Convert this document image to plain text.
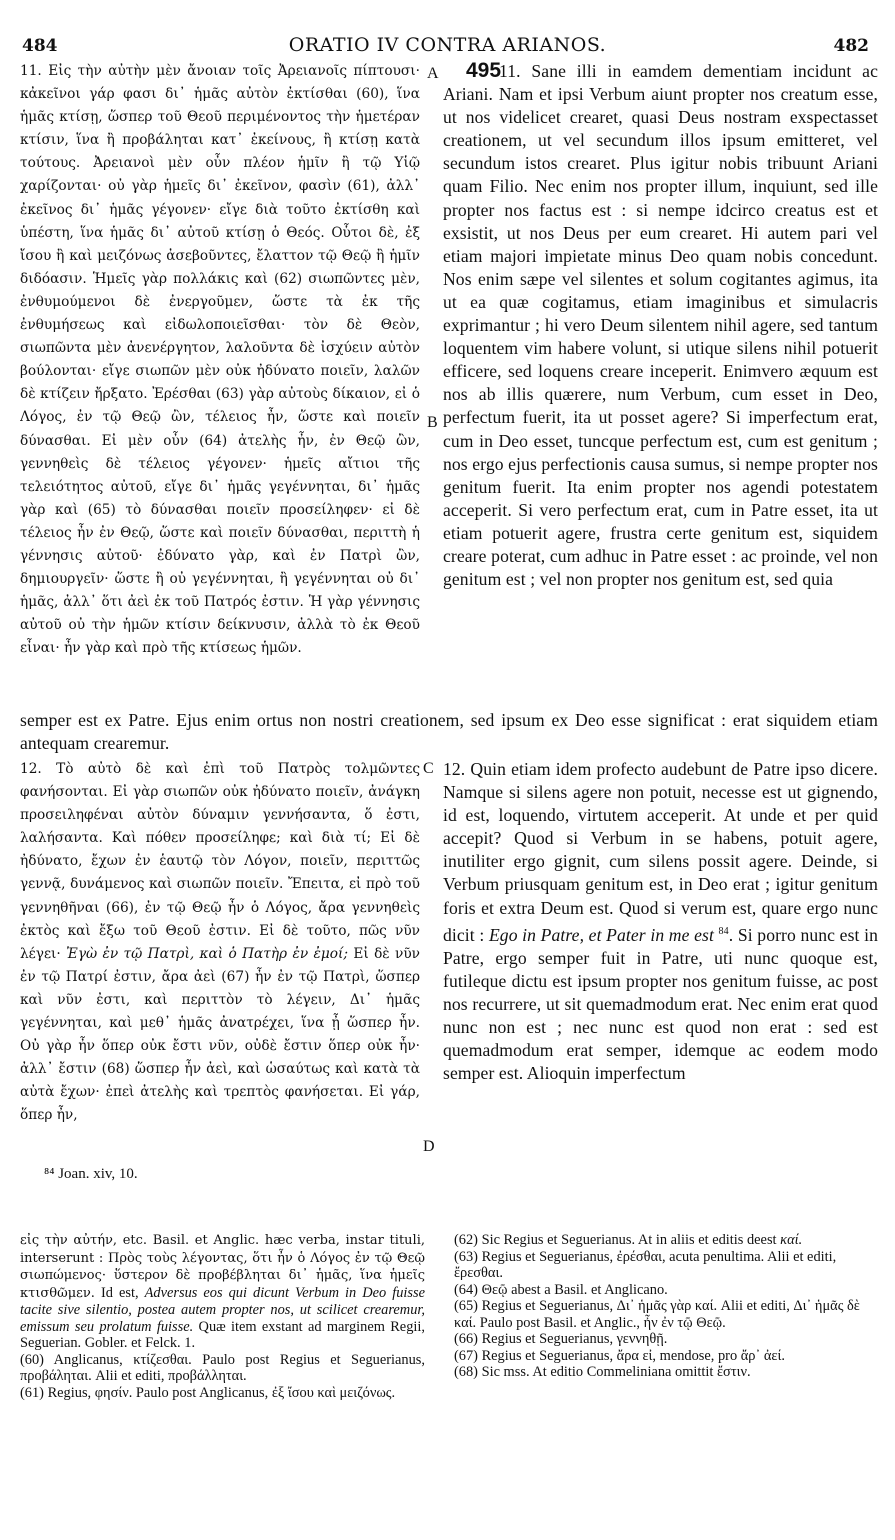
484	ORATIO IV CONTRA ARIANOS.	482
A
B
C
D
495

11. Εἰς τὴν αὐτὴν μὲν ἄνοιαν τοῖς Ἀρειανοῖς πίπτουσι· κἀκεῖνοι γάρ φασι δι᾽ ἡμᾶς αὐτὸν ἐκτίσθαι (60), ἵνα ἡμᾶς κτίσῃ, ὥσπερ τοῦ Θεοῦ περιμένοντος τὴν ἡμετέραν κτίσιν, ἵνα ἢ προβάληται κατ᾽ ἐκείνους, ἢ κτίσῃ κατὰ τούτους. Ἀρειανοὶ μὲν οὖν πλέον ἡμῖν ἢ τῷ Υἱῷ χαρίζονται· οὐ γὰρ ἡμεῖς δι᾽ ἐκεῖνον, φασὶν (61), ἀλλ᾽ ἐκεῖνος δι᾽ ἡμᾶς γέγονεν· εἴγε διὰ τοῦτο ἐκτίσθη καὶ ὑπέστη, ἵνα ἡμᾶς δι᾽ αὐτοῦ κτίσῃ ὁ Θεός. Οὗτοι δὲ, ἐξ ἴσου ἢ καὶ μειζόνως ἀσεβοῦντες, ἔλαττον τῷ Θεῷ ἢ ἡμῖν διδόασιν. Ἡμεῖς γὰρ πολλάκις καὶ (62) σιωπῶντες μὲν, ἐνθυμούμενοι δὲ ἐνεργοῦμεν, ὥστε τὰ ἐκ τῆς ἐνθυμήσεως καὶ εἰδωλοποιεῖσθαι· τὸν δὲ Θεὸν, σιωπῶντα μὲν ἀνενέργητον, λαλοῦντα δὲ ἰσχύειν αὐτὸν βούλονται· εἴγε σιωπῶν μὲν οὐκ ἠδύνατο ποιεῖν, λαλῶν δὲ κτίζειν ἤρξατο. Ἐρέσθαι (63) γὰρ αὐτοὺς δίκαιον, εἰ ὁ Λόγος, ἐν τῷ Θεῷ ὢν, τέλειος ἦν, ὥστε καὶ ποιεῖν δύνασθαι. Εἰ μὲν οὖν (64) ἀτελὴς ἦν, ἐν Θεῷ ὢν, γεννηθεὶς δὲ τέλειος γέγονεν· ἡμεῖς αἴτιοι τῆς τελειότητος αὐτοῦ, εἴγε δι᾽ ἡμᾶς γεγέννηται, δι᾽ ἡμᾶς γὰρ καὶ (65) τὸ δύνασθαι ποιεῖν προσείληφεν· εἰ δὲ τέλειος ἦν ἐν Θεῷ, ὥστε καὶ ποιεῖν δύνασθαι, περιττὴ ἡ γέννησις αὐτοῦ· ἐδύνατο γὰρ, καὶ ἐν Πατρὶ ὢν, δημιουργεῖν· ὥστε ἢ οὐ γεγέννηται, ἢ γεγέννηται οὐ δι᾽ ἡμᾶς, ἀλλ᾽ ὅτι ἀεὶ ἐκ τοῦ Πατρός ἐστιν. Ἡ γὰρ γέννησις αὐτοῦ οὐ τὴν ἡμῶν κτίσιν δείκνυσιν, ἀλλὰ τὸ ἐκ Θεοῦ εἶναι· ἦν γὰρ καὶ πρὸ τῆς κτίσεως ἡμῶν.

11. Sane illi in eamdem dementiam incidunt ac Ariani. Nam et ipsi Verbum aiunt propter nos creatum esse, ut nos videlicet crearet, quasi Deus nostram exspectasset creationem, ut vel secundum illos ipsum emitteret, vel secundum istos crearet. Plus igitur nobis tribuunt Ariani quam Filio. Nec enim nos propter illum, inquiunt, sed ille propter nos factus est : si nempe idcirco creatus est et exsistit, ut nos Deus per eum crearet. Hi autem pari vel etiam majori impietate minus Deo quam nobis concedunt. Nos enim sæpe vel silentes et solum cogitantes agimus, ita ut ea quæ cogitamus, etiam imaginibus et simulacris exprimantur ; hi vero Deum silentem nihil agere, sed tantum loquentem vim habere volunt, si utique silens nihil potuerit efficere, sed loquens creare inceperit. Enimvero æquum est nos ab illis quærere, num Verbum, cum esset in Deo, perfectum fuerit, ita ut posset agere? Si imperfectum erat, cum in Deo esset, tuncque perfectum est, cum est genitum ; nos ergo ejus perfectionis causa sumus, si nempe propter nos genitum fuerit. Ita enim propter nos agendi potestatem acceperit. Si vero perfectum erat, cum in Patre esset, ita ut etiam potuerit agere, frustra certe genitum est, siquidem creare poterat, cum adhuc in Patre esset : ac proinde, vel non genitum est ; vel non propter nos genitum est, sed quia

semper est ex Patre. Ejus enim ortus non nostri creationem, sed ipsum ex Deo esse significat : erat siquidem etiam antequam crearemur.

12. Τὸ αὐτὸ δὲ καὶ ἐπὶ τοῦ Πατρὸς τολμῶντες φανήσονται. Εἰ γὰρ σιωπῶν οὐκ ἠδύνατο ποιεῖν, ἀνάγκη προσειληφέναι αὐτὸν δύναμιν γεννήσαντα, ὅ ἐστι, λαλήσαντα. Καὶ πόθεν προσείληφε; καὶ διὰ τί; Εἰ δὲ ἠδύνατο, ἔχων ἐν ἑαυτῷ τὸν Λόγον, ποιεῖν, περιττῶς γεννᾷ, δυνάμενος καὶ σιωπῶν ποιεῖν. Ἔπειτα, εἰ πρὸ τοῦ γεννηθῆναι (66), ἐν τῷ Θεῷ ἦν ὁ Λόγος, ἄρα γεννηθεὶς ἐκτὸς καὶ ἔξω τοῦ Θεοῦ ἐστιν. Εἰ δὲ τοῦτο, πῶς νῦν λέγει· Ἐγὼ ἐν τῷ Πατρὶ, καὶ ὁ Πατὴρ ἐν ἐμοί; Εἰ δὲ νῦν ἐν τῷ Πατρί ἐστιν, ἄρα ἀεὶ (67) ἦν ἐν τῷ Πατρὶ, ὥσπερ καὶ νῦν ἐστι, καὶ περιττὸν τὸ λέγειν, Δι᾽ ἡμᾶς γεγέννηται, καὶ μεθ᾽ ἡμᾶς ἀνατρέχει, ἵνα ᾖ ὥσπερ ἦν. Οὐ γὰρ ἦν ὅπερ οὐκ ἔστι νῦν, οὐδὲ ἔστιν ὅπερ οὐκ ἦν· ἀλλ᾽ ἔστιν (68) ὥσπερ ἦν ἀεὶ, καὶ ὡσαύτως καὶ κατὰ τὰ αὐτὰ ἔχων· ἐπεὶ ἀτελὴς καὶ τρεπτὸς φανήσεται. Εἰ γάρ, ὅπερ ἦν,

12. Quin etiam idem profecto audebunt de Patre ipso dicere. Namque si silens agere non potuit, necesse est ut gignendo, id est, loquendo, virtutem acceperit. At unde et per quid accepit? Quod si Verbum in se habens, potuit agere, inutiliter ergo gignit, cum silens possit agere. Deinde, si Verbum priusquam genitum est, in Deo erat ; igitur genitum foris et extra Deum est. Quod si verum est, quare ergo nunc dicit : Ego in Patre, et Pater in me est $^{84}$. Si porro nunc est in Patre, ergo semper fuit in Patre, uti nunc quoque est, futileque dictu est ipsum propter nos genitum fuisse, ac post nos recurrere, ut sit quemadmodum erat. Nec enim erat quod nunc non est ; nec nunc est quod non erat : sed est quemadmodum erat semper, idemque ac eodem modo semper est. Alioquin imperfectum

⁸⁴ Joan. xiv, 10.

εἰς τὴν αὐτήν, etc. Basil. et Anglic. hæc verba, instar tituli, interserunt : Πρὸς τοὺς λέγοντας, ὅτι ἦν ὁ Λόγος ἐν τῷ Θεῷ σιωπώμενος· ὕστερον δὲ προβέβληται δι᾽ ἡμᾶς, ἵνα ἡμεῖς κτισθῶμεν. Id est, Adversus eos qui dicunt Verbum in Deo fuisse tacite sive silentio, postea autem propter nos, ut scilicet crearemur, emissum seu prolatum fuisse. Quæ item exstant ad marginem Regii, Seguerian. Gobler. et Felck. 1.

(60) Anglicanus, κτίζεσθαι. Paulo post Regius et Seguerianus, προβάληται. Alii et editi, προβάλληται.

(61) Regius, φησίν. Paulo post Anglicanus, ἐξ ἴσου καὶ μειζόνως.

(62) Sic Regius et Seguerianus. At in aliis et editis deest καί.

(63) Regius et Seguerianus, ἐρέσθαι, acuta penultima. Alii et editi, ἔρεσθαι.

(64) Θεῷ abest a Basil. et Anglicano.

(65) Regius et Seguerianus, Δι᾽ ἡμᾶς γὰρ καί. Alii et editi, Δι᾽ ἡμᾶς δὲ καί. Paulo post Basil. et Anglic., ἦν ἐν τῷ Θεῷ.

(66) Regius et Seguerianus, γεννηθῇ.

(67) Regius et Seguerianus, ἄρα εἰ, mendose, pro ἄρ᾽ ἀεί.

(68) Sic mss. At editio Commeliniana omittit ἔστιν.
